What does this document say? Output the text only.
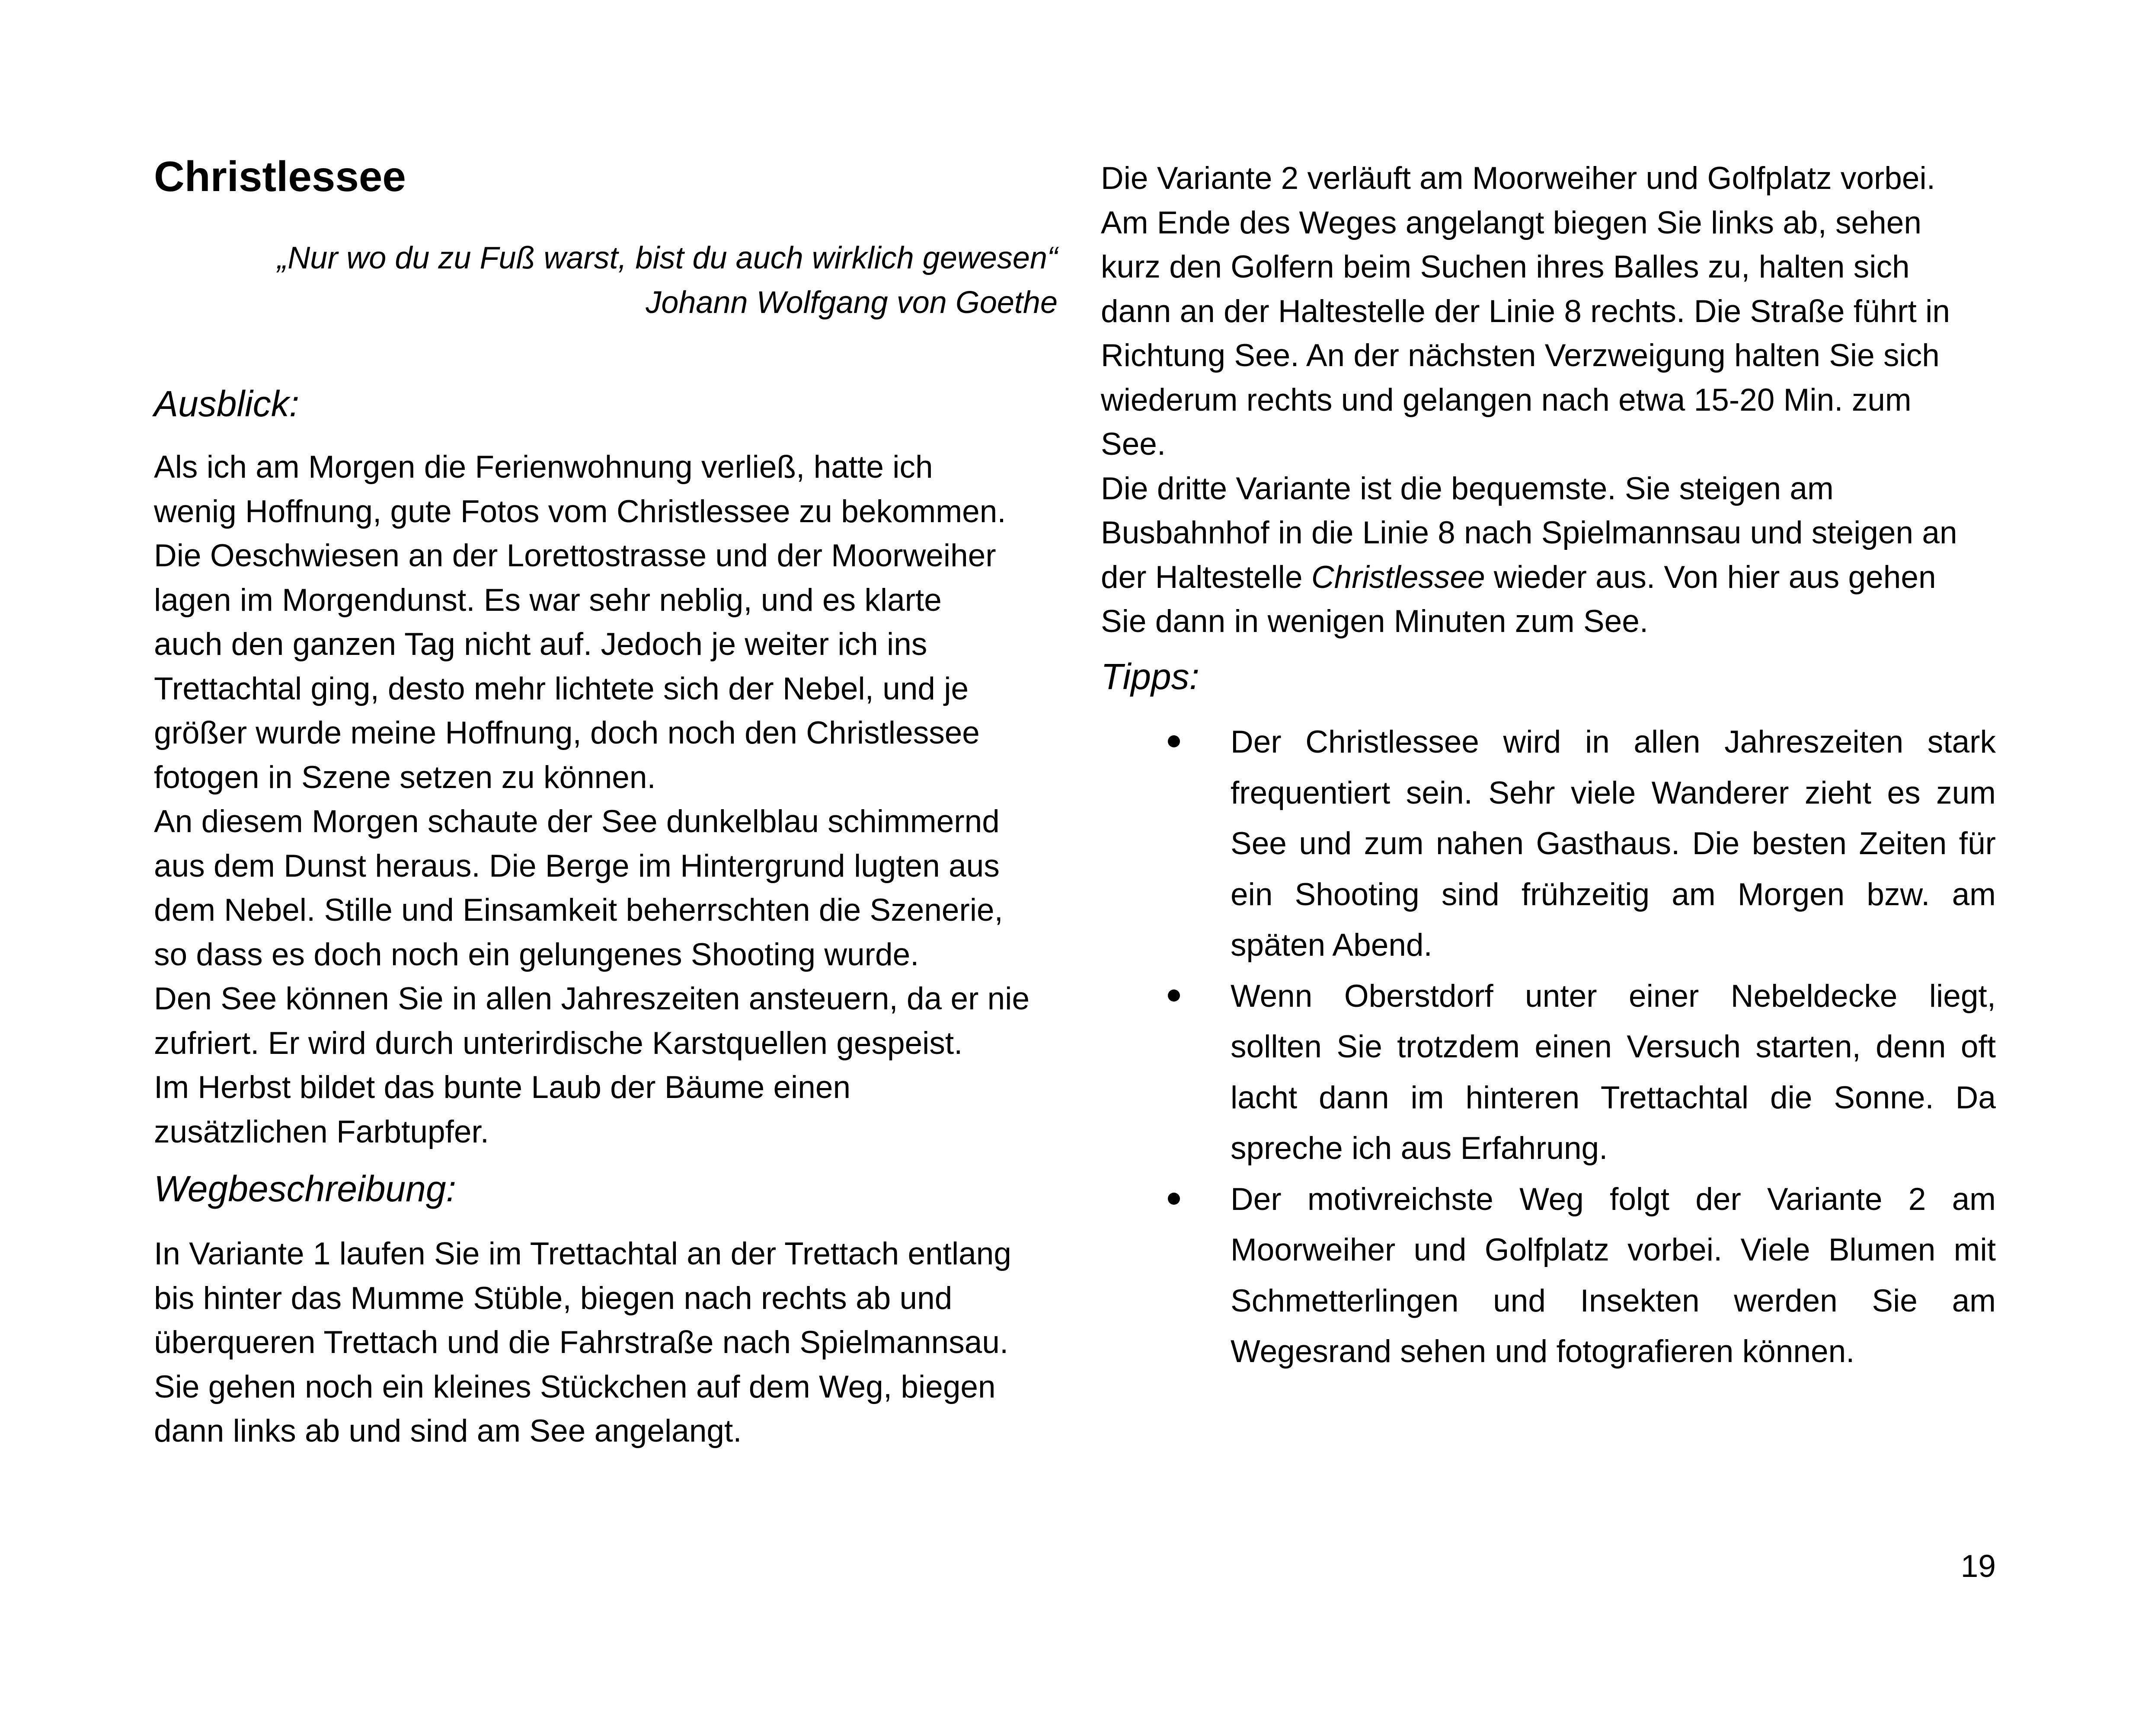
Christlessee
„Nur wo du zu Fuß warst, bist du auch wirklich gewesen“
Johann Wolfgang von Goethe
Ausblick:
Als ich am Morgen die Ferienwohnung verließ, hatte ich
wenig Hoffnung, gute Fotos vom Christlessee zu bekommen.
Die Oeschwiesen an der Lorettostrasse und der Moorweiher
lagen im Morgendunst. Es war sehr neblig, und es klarte
auch den ganzen Tag nicht auf. Jedoch je weiter ich ins
Trettachtal ging, desto mehr lichtete sich der Nebel, und je
größer wurde meine Hoffnung, doch noch den Christlessee
fotogen in Szene setzen zu können.
An diesem Morgen schaute der See dunkelblau schimmernd
aus dem Dunst heraus. Die Berge im Hintergrund lugten aus
dem Nebel. Stille und Einsamkeit beherrschten die Szenerie,
so dass es doch noch ein gelungenes Shooting wurde.
Den See können Sie in allen Jahreszeiten ansteuern, da er nie
zufriert. Er wird durch unterirdische Karstquellen gespeist.
Im Herbst bildet das bunte Laub der Bäume einen
zusätzlichen Farbtupfer.
Wegbeschreibung:
In Variante 1 laufen Sie im Trettachtal an der Trettach entlang
bis hinter das Mumme Stüble, biegen nach rechts ab und
überqueren Trettach und die Fahrstraße nach Spielmannsau.
Sie gehen noch ein kleines Stückchen auf dem Weg, biegen
dann links ab und sind am See angelangt.
Die Variante 2 verläuft am Moorweiher und Golfplatz vorbei.
Am Ende des Weges angelangt biegen Sie links ab, sehen
kurz den Golfern beim Suchen ihres Balles zu, halten sich
dann an der Haltestelle der Linie 8 rechts. Die Straße führt in
Richtung See. An der nächsten Verzweigung halten Sie sich
wiederum rechts und gelangen nach etwa 15-20 Min. zum
See.
Die dritte Variante ist die bequemste. Sie steigen am
Busbahnhof in die Linie 8 nach Spielmannsau und steigen an
der Haltestelle Christlessee wieder aus. Von hier aus gehen
Sie dann in wenigen Minuten zum See.
Tipps:
Der Christlessee wird in allen Jahreszeiten stark
frequentiert sein. Sehr viele Wanderer zieht es zum
See und zum nahen Gasthaus. Die besten Zeiten für
ein Shooting sind frühzeitig am Morgen bzw. am
späten Abend.
Wenn Oberstdorf unter einer Nebeldecke liegt,
sollten Sie trotzdem einen Versuch starten, denn oft
lacht dann im hinteren Trettachtal die Sonne. Da
spreche ich aus Erfahrung.
Der motivreichste Weg folgt der Variante 2 am
Moorweiher und Golfplatz vorbei. Viele Blumen mit
Schmetterlingen und Insekten werden Sie am
Wegesrand sehen und fotografieren können.
19
